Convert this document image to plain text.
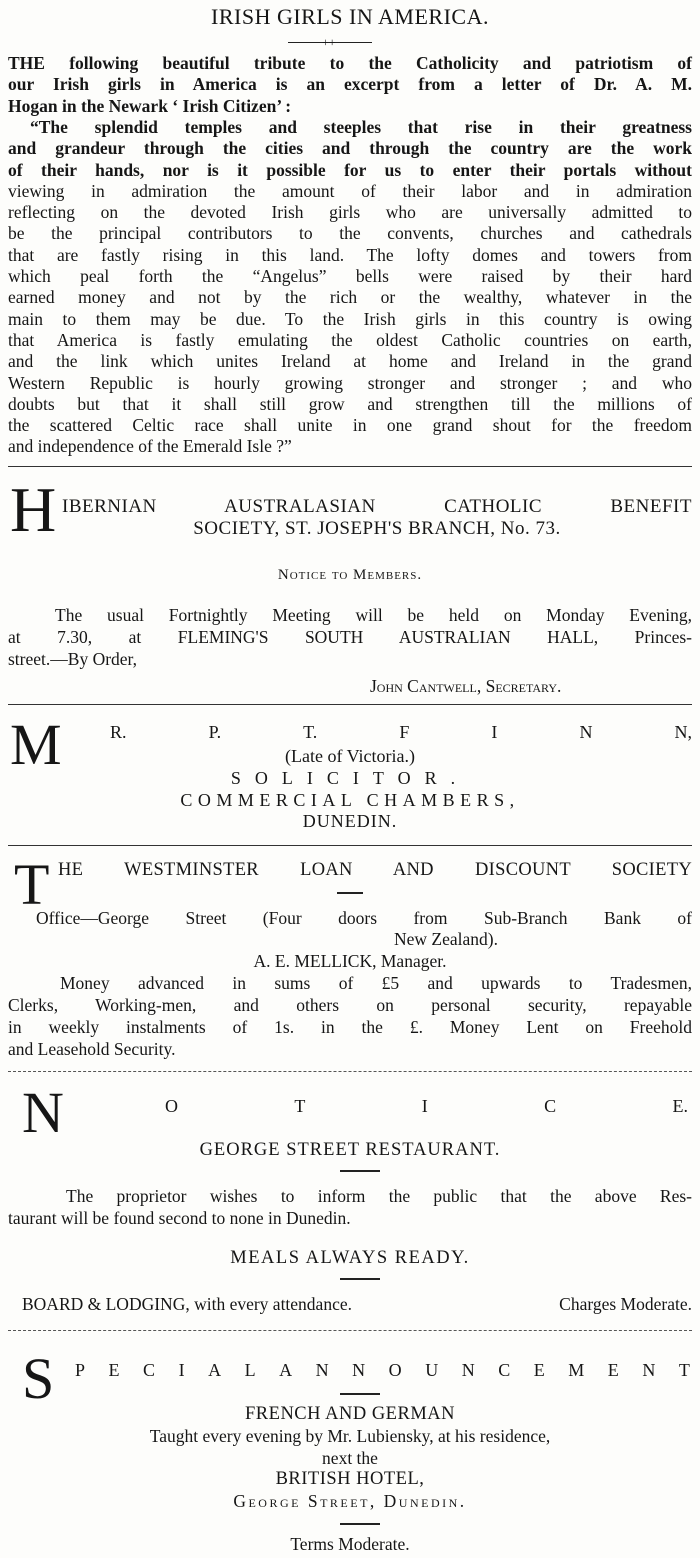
IRISH GIRLS IN AMERICA.
++
THE following beautiful tribute to the Catholicity and patriotism of
our Irish girls in America is an excerpt from a letter of Dr. A. M.
Hogan in the Newark ‘ Irish Citizen’ :
“The splendid temples and steeples that rise in their greatness
and grandeur through the cities and through the country are the work
of their hands, nor is it possible for us to enter their portals without
viewing in admiration the amount of their labor and in admiration
reflecting on the devoted Irish girls who are universally admitted to
be the principal contributors to the convents, churches and cathedrals
that are fastly rising in this land. The lofty domes and towers from
which peal forth the “Angelus” bells were raised by their hard
earned money and not by the rich or the wealthy, whatever in the
main to them may be due. To the Irish girls in this country is owing
that America is fastly emulating the oldest Catholic countries on earth,
and the link which unites Ireland at home and Ireland in the grand
Western Republic is hourly growing stronger and stronger ; and who
doubts but that it shall still grow and strengthen till the millions of
the scattered Celtic race shall unite in one grand shout for the freedom
and independence of the Emerald Isle ?”
H IBERNIAN AUSTRALASIAN CATHOLIC BENEFIT
SOCIETY, ST. JOSEPH'S BRANCH, No. 73.
Notice to Members.
The usual Fortnightly Meeting will be held on Monday Evening,
at 7.30, at FLEMING'S SOUTH AUSTRALIAN HALL, Princes-
street.—By Order,
John Cantwell, Secretary.
M	R.	P.	T.	F	I	N	N,
(Late of Victoria.)
SOLICITOR.
COMMERCIAL CHAMBERS,
DUNEDIN.
T HE WESTMINSTER LOAN AND DISCOUNT SOCIETY
Office—George Street (Four doors from Sub-Branch Bank of
New Zealand).
A. E. MELLICK, Manager.
Money advanced in sums of £5 and upwards to Tradesmen,
Clerks, Working-men, and others on personal security, repayable
in weekly instalments of 1s. in the £. Money Lent on Freehold
and Leasehold Security.
N	O	T	I	C	E.
GEORGE STREET RESTAURANT.
The proprietor wishes to inform the public that the above Res-
taurant will be found second to none in Dunedin.
MEALS ALWAYS READY.
BOARD & LODGING, with every attendance.	Charges Moderate.
S P E C I A L A N N O U N C E M E N T
FRENCH AND GERMAN
Taught every evening by Mr. Lubiensky, at his residence,
next the
BRITISH HOTEL,
George Street, Dunedin.
Terms Moderate.
